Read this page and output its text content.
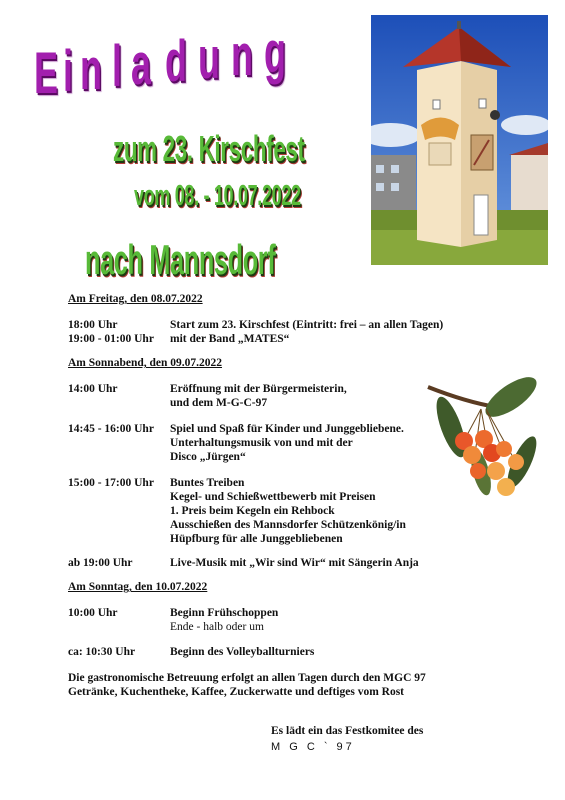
E i n l a d u n g
zum 23. Kirschfest
vom 08. - 10.07.2022
nach Mannsdorf
Am Freitag, den 08.07.2022
18:00 Uhr	Start zum 23. Kirschfest (Eintritt: frei – an allen Tagen)
19:00 - 01:00 Uhr mit der Band „MATES“
Am Sonnabend, den 09.07.2022
14:00 Uhr	Eröffnung mit der Bürgermeisterin,
und dem M-G-C-97
14:45 - 16:00 Uhr Spiel und Spaß für Kinder und Junggebliebene.
Unterhaltungsmusik von und mit der
Disco „Jürgen“
15:00 - 17:00 Uhr Buntes Treiben
Kegel- und Schießwettbewerb mit Preisen
1. Preis beim Kegeln ein Rehbock
Ausschießen des Mannsdorfer Schützenkönig/in
Hüpfburg für alle Junggebliebenen
ab 19:00 Uhr	Live-Musik mit „Wir sind Wir“ mit Sängerin Anja
Am Sonntag, den 10.07.2022
10:00 Uhr	Beginn Frühschoppen
Ende - halb oder um
ca: 10:30 Uhr	Beginn des Volleyballturniers
Die gastronomische Betreuung erfolgt an allen Tagen durch den MGC 97
Getränke, Kuchentheke, Kaffee, Zuckerwatte und deftiges vom Rost
Es lädt ein das Festkomitee des
M G C ` 97
